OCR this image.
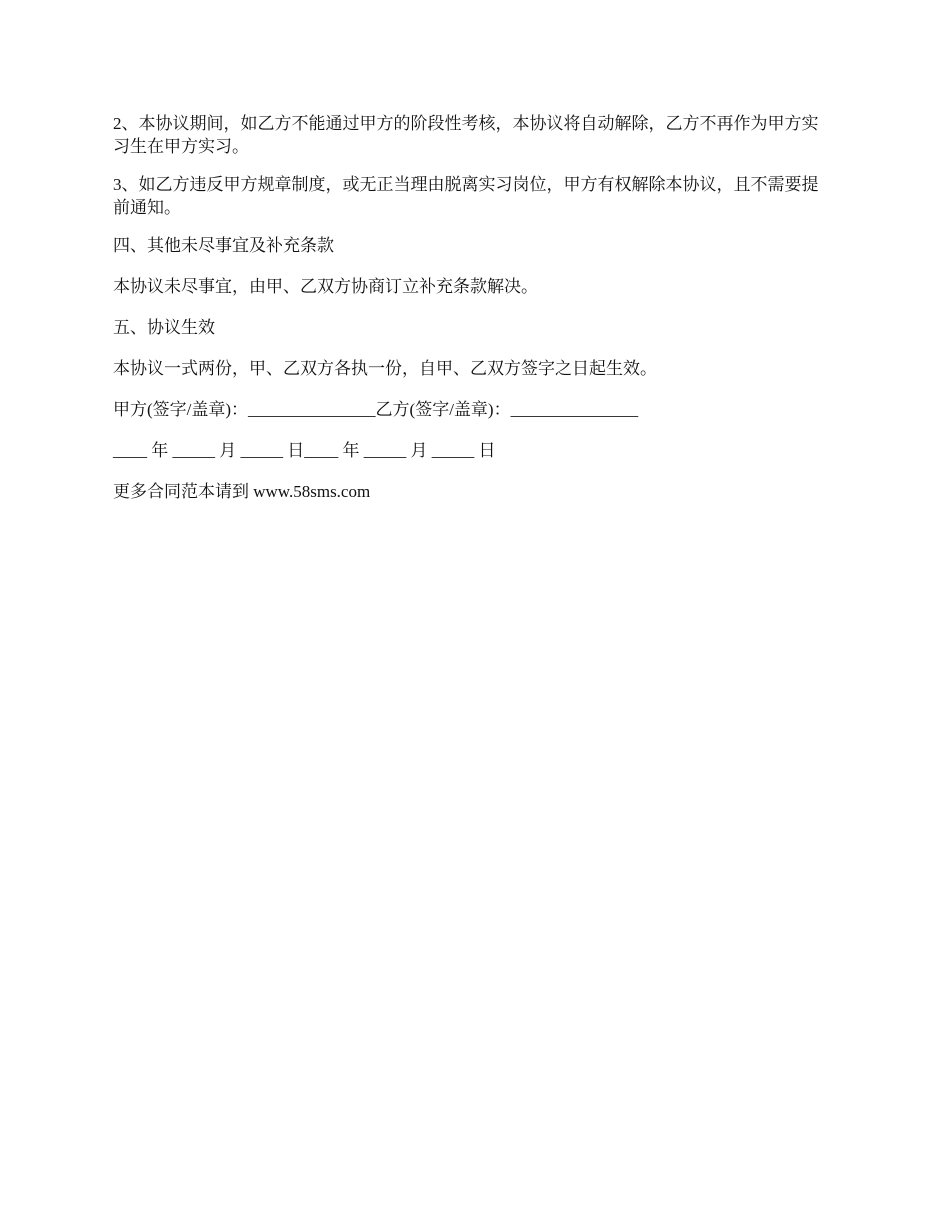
2、本协议期间，如乙方不能通过甲方的阶段性考核，本协议将自动解除，乙方不再作为甲方实习生在甲方实习。

3、如乙方违反甲方规章制度，或无正当理由脱离实习岗位，甲方有权解除本协议，且不需要提前通知。

四、其他未尽事宜及补充条款

本协议未尽事宜，由甲、乙双方协商订立补充条款解决。

五、协议生效

本协议一式两份，甲、乙双方各执一份，自甲、乙双方签字之日起生效。

甲方(签字/盖章)：_______________乙方(签字/盖章)：_______________

____ 年 _____ 月 _____ 日____ 年 _____ 月 _____ 日

更多合同范本请到 www.58sms.com
